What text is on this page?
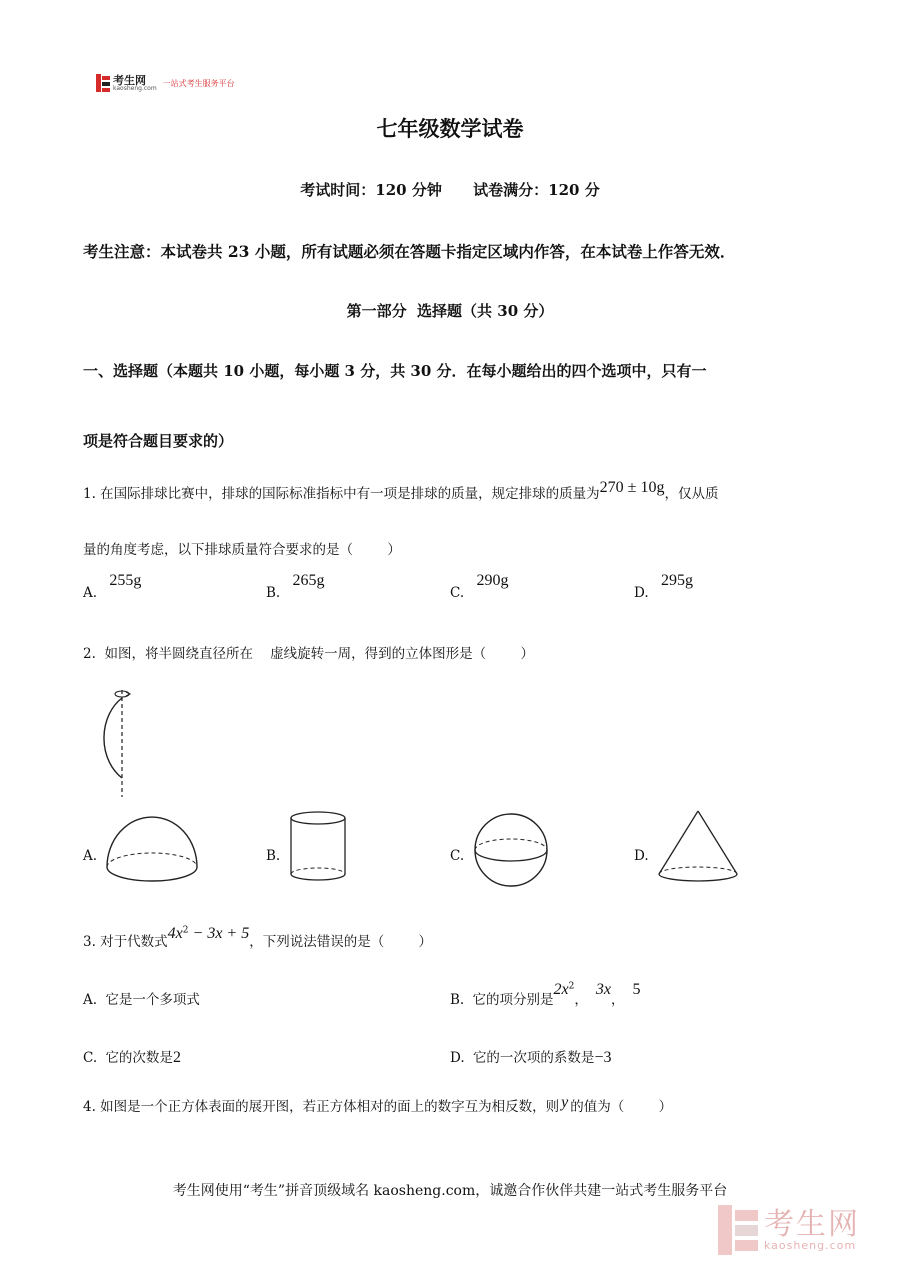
考生网
kaosheng.com
一站式考生服务平台
七年级数学试卷
考试时间：120 分钟      试卷满分：120 分
考生注意：本试卷共 23 小题，所有试题必须在答题卡指定区域内作答，在本试卷上作答无效．
第一部分  选择题（共 30 分）
一、选择题（本题共 10 小题，每小题 3 分，共 30 分．在每小题给出的四个选项中，只有一
项是符合题目要求的）
1. 在国际排球比赛中，排球的国际标准指标中有一项是排球的质量，规定排球的质量为270 ± 10g，仅从质
量的角度考虑，以下排球质量符合要求的是（        ）
A. 255g
B. 265g
C. 290g
D. 295g
2.  如图，将半圆绕直径所在    虚线旋转一周，得到的立体图形是（        ）
A.	B.	C.	D.
3. 对于代数式$4x^2 - 3x + 5$，下列说法错误的是（        ）
A. 它是一个多项式	B. 它的项分别是$2x^2$，3x，5
C. 它的次数是2	D. 它的一次项的系数是−3
4. 如图是一个正方体表面的展开图，若正方体相对的面上的数字互为相反数，则 y 的值为（        ）
考生网使用“考生”拼音顶级域名 kaosheng.com，诚邀合作伙伴共建一站式考生服务平台
考生网
kaosheng.com
